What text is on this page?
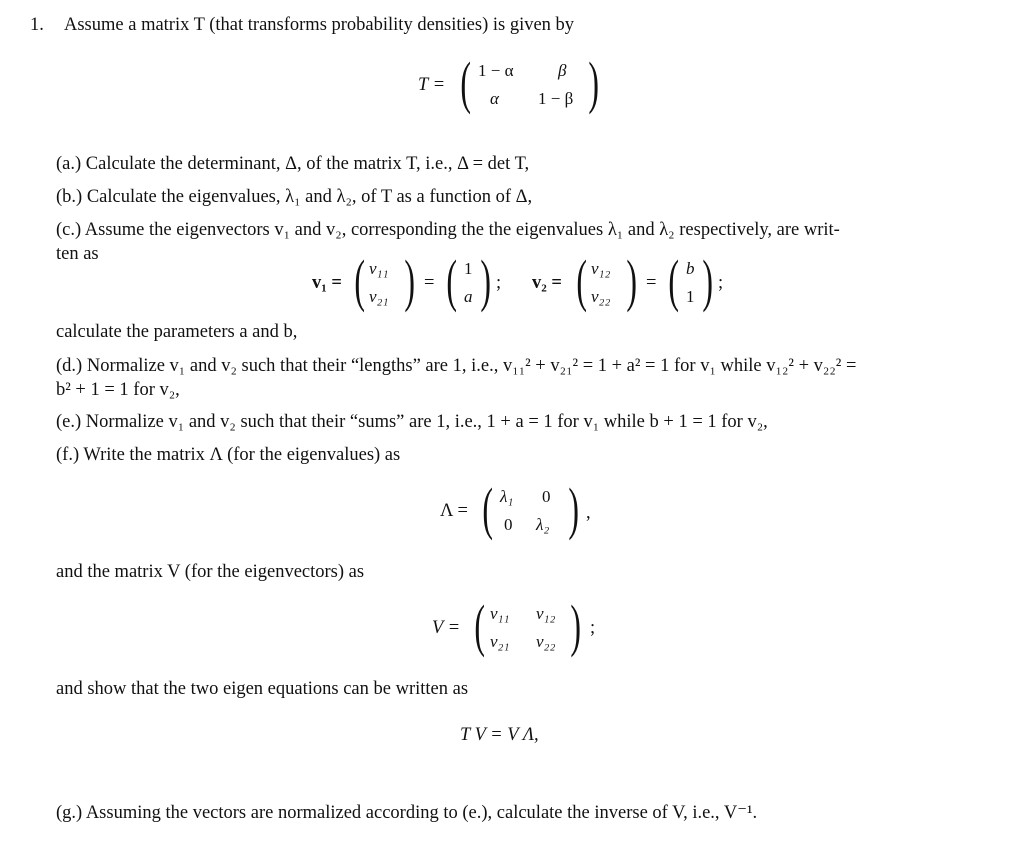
1. Assume a matrix T (that transforms probability densities) is given by
T = ( 1 − α	β
α 1 − β )
(a.) Calculate the determinant, Δ, of the matrix T, i.e., Δ = det T,
(b.) Calculate the eigenvalues, λ₁ and λ₂, of T as a function of Δ,
(c.) Assume the eigenvectors v₁ and v₂, corresponding the the eigenvalues λ₁ and λ₂ respectively, are writ-
ten as
v₁ = ( v₁₁
v₂₁ ) = ( 1
a ) ; v₂ = ( v₁₂
v₂₂ ) = ( b
1 ) ;
calculate the parameters a and b,
(d.) Normalize v₁ and v₂ such that their “lengths” are 1, i.e., v₁₁² + v₂₁² = 1 + a² = 1 for v₁ while v₁₂² + v₂₂² =
b² + 1 = 1 for v₂,
(e.) Normalize v₁ and v₂ such that their “sums” are 1, i.e., 1 + a = 1 for v₁ while b + 1 = 1 for v₂,
(f.) Write the matrix Λ (for the eigenvalues) as
Λ = ( λ₁ 0
0 λ₂ ) ,
and the matrix V (for the eigenvectors) as
V = ( v₁₁ v₁₂
v₂₁ v₂₂ ) ;
and show that the two eigen equations can be written as
T V = V Λ,
(g.) Assuming the vectors are normalized according to (e.), calculate the inverse of V, i.e., V⁻¹.
